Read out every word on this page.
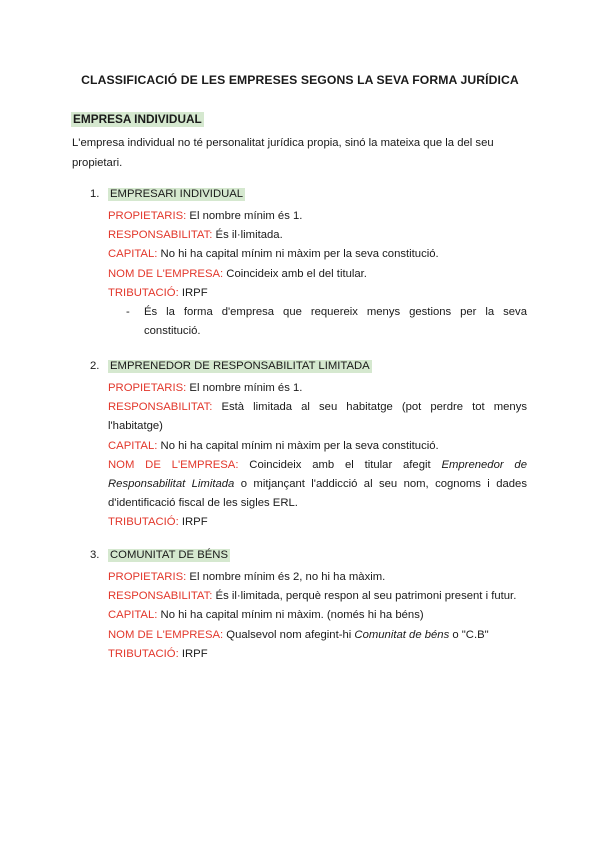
CLASSIFICACIÓ DE LES EMPRESES SEGONS LA SEVA FORMA JURÍDICA
EMPRESA INDIVIDUAL
L'empresa individual no té personalitat jurídica propia, sinó la mateixa que la del seu propietari.
1. EMPRESARI INDIVIDUAL
PROPIETARIS: El nombre mínim és 1.
RESPONSABILITAT: És il·limitada.
CAPITAL: No hi ha capital mínim ni màxim per la seva constitució.
NOM DE L'EMPRESA: Coincideix amb el del titular.
TRIBUTACIÓ: IRPF
- És la forma d'empresa que requereix menys gestions per la seva constitució.
2. EMPRENEDOR DE RESPONSABILITAT LIMITADA
PROPIETARIS: El nombre mínim és 1.
RESPONSABILITAT: Està limitada al seu habitatge (pot perdre tot menys l'habitatge)
CAPITAL: No hi ha capital mínim ni màxim per la seva constitució.
NOM DE L'EMPRESA: Coincideix amb el titular afegit Emprenedor de Responsabilitat Limitada o mitjançant l'addicció al seu nom, cognoms i dades d'identificació fiscal de les sigles ERL.
TRIBUTACIÓ: IRPF
3. COMUNITAT DE BÉNS
PROPIETARIS: El nombre mínim és 2, no hi ha màxim.
RESPONSABILITAT: És il·limitada, perquè respon al seu patrimoni present i futur.
CAPITAL: No hi ha capital mínim ni màxim. (només hi ha béns)
NOM DE L'EMPRESA: Qualsevol nom afegint-hi Comunitat de béns o "C.B"
TRIBUTACIÓ: IRPF
